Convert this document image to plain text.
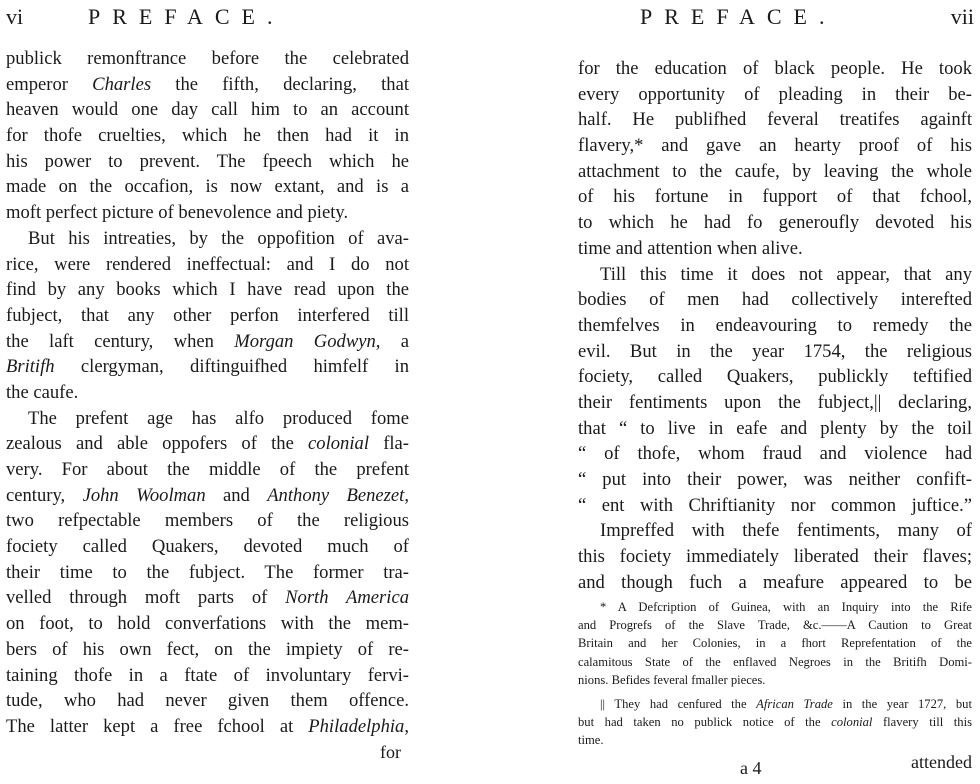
vi	PREFACE.
publick remonftrance before the celebrated
emperor Charles the fifth, declaring, that
heaven would one day call him to an account
for thofe cruelties, which he then had it in
his power to prevent. The fpeech which he
made on the occafion, is now extant, and is a
moft perfect picture of benevolence and piety.
But his intreaties, by the oppofition of ava-
rice, were rendered ineffectual: and I do not
find by any books which I have read upon the
fubject, that any other perfon interfered till
the laft century, when Morgan Godwyn, a
Britifh clergyman, diftinguifhed himfelf in
the caufe.
The prefent age has alfo produced fome
zealous and able oppofers of the colonial fla-
very. For about the middle of the prefent
century, John Woolman and Anthony Benezet,
two refpectable members of the religious
fociety called Quakers, devoted much of
their time to the fubject. The former tra-
velled through moft parts of North America
on foot, to hold converfations with the mem-
bers of his own fect, on the impiety of re-
taining thofe in a ftate of involuntary fervi-
tude, who had never given them offence.
The latter kept a free fchool at Philadelphia,
for
PREFACE.	vii
for the education of black people. He took
every opportunity of pleading in their be-
half. He publifhed feveral treatifes againft
flavery,* and gave an hearty proof of his
attachment to the caufe, by leaving the whole
of his fortune in fupport of that fchool,
to which he had fo generoufly devoted his
time and attention when alive.
Till this time it does not appear, that any
bodies of men had collectively interefted
themfelves in endeavouring to remedy the
evil. But in the year 1754, the religious
fociety, called Quakers, publickly teftified
their fentiments upon the fubject,|| declaring,
that “ to live in eafe and plenty by the toil
“ of thofe, whom fraud and violence had
“ put into their power, was neither confift-
“ ent with Chriftianity nor common juftice.”
Impreffed with thefe fentiments, many of
this fociety immediately liberated their flaves;
and though fuch a meafure appeared to be
* A Defcription of Guinea, with an Inquiry into the Rife
and Progrefs of the Slave Trade, &c.——A Caution to Great
Britain and her Colonies, in a fhort Reprefentation of the
calamitous State of the enflaved Negroes in the Britifh Domi-
nions. Befides feveral fmaller pieces.
|| They had cenfured the African Trade in the year 1727, but
but had taken no publick notice of the colonial flavery till this
time.
a 4	attended
